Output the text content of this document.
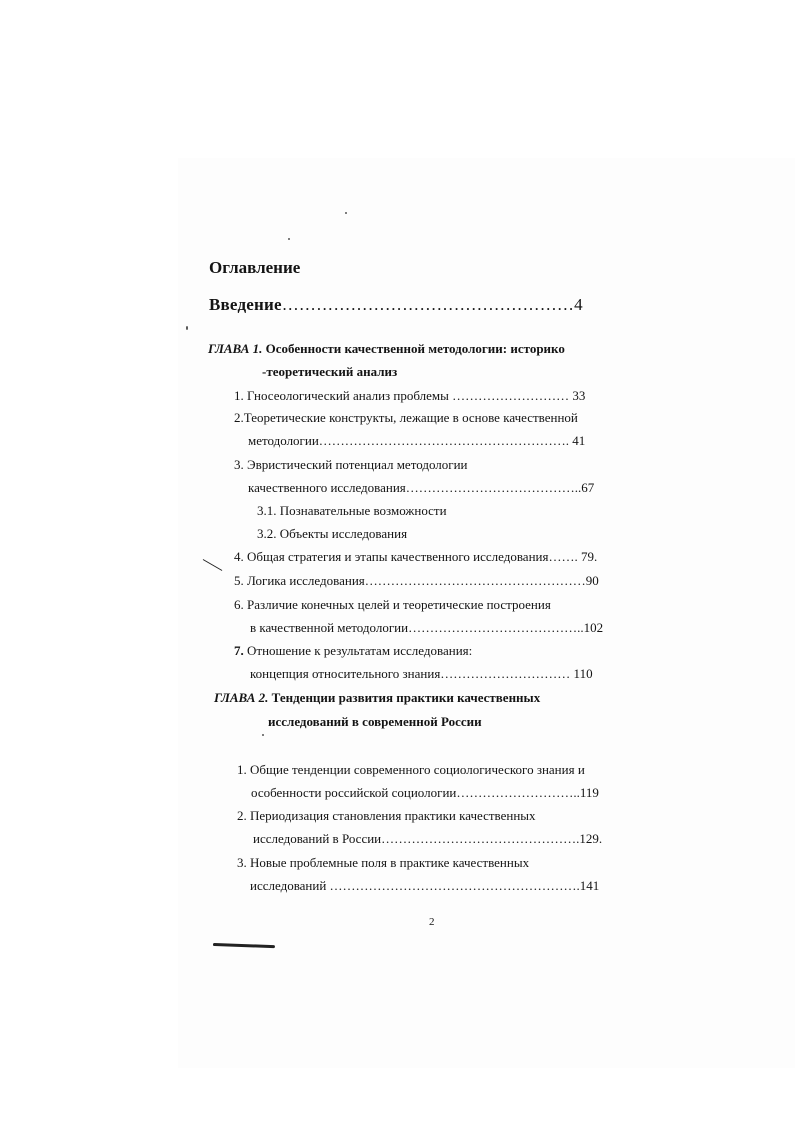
Оглавление
Введение……………………………………………4
ГЛАВА 1. Особенности качественной методологии: историко
-теоретический анализ
1. Гносеологический анализ проблемы ……………………… 33
2.Теоретические конструкты, лежащие в основе качественной
методологии…………………………………………………. 41
3. Эвристический потенциал методологии
качественного исследования…………………………………..67
3.1. Познавательные возможности
3.2. Объекты исследования
4. Общая стратегия и этапы качественного исследования……. 79.
5. Логика исследования……………………………………………90
6. Различие конечных целей и теоретические построения
в качественной методологии…………………………………..102
7. Отношение к результатам исследования:
концепция относительного знания………………………… 110
ГЛАВА 2. Тенденции развития практики качественных
исследований в современной России
1. Общие тенденции современного социологического знания и
особенности российской социологии………………………..119
2. Периодизация становления практики качественных
исследований в России……………………………………….129.
3. Новые проблемные поля в практике качественных
исследований ………………………………………………….141
2
